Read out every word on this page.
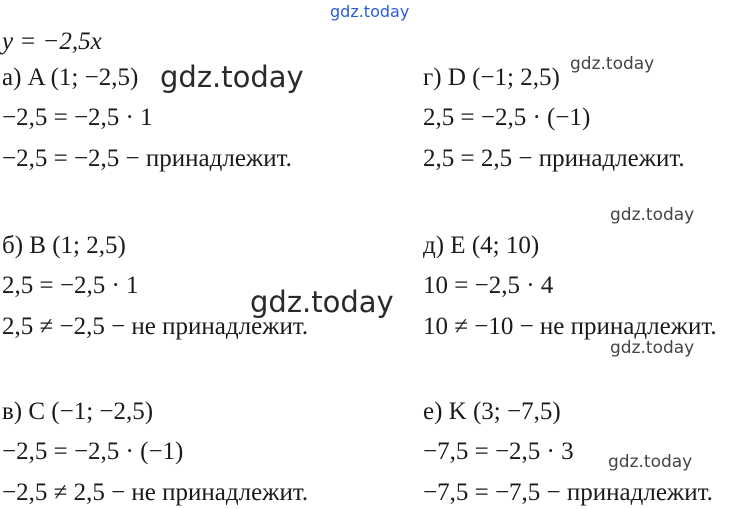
y = −2,5x
а) A (1; −2,5)
−2,5 = −2,5 · 1
−2,5 = −2,5 − принадлежит.
б) B (1; 2,5)
2,5 = −2,5 · 1
2,5 ≠ −2,5 − не принадлежит.
в) C (−1; −2,5)
−2,5 = −2,5 · (−1)
−2,5 ≠ 2,5 − не принадлежит.
г) D (−1; 2,5)
2,5 = −2,5 · (−1)
2,5 = 2,5 − принадлежит.
д) E (4; 10)
10 = −2,5 · 4
10 ≠ −10 − не принадлежит.
е) K (3; −7,5)
−7,5 = −2,5 · 3
−7,5 = −7,5 − принадлежит.
gdz.today
gdz.today	gdz.today
gdz.today
gdz.today
gdz.today
gdz.today
